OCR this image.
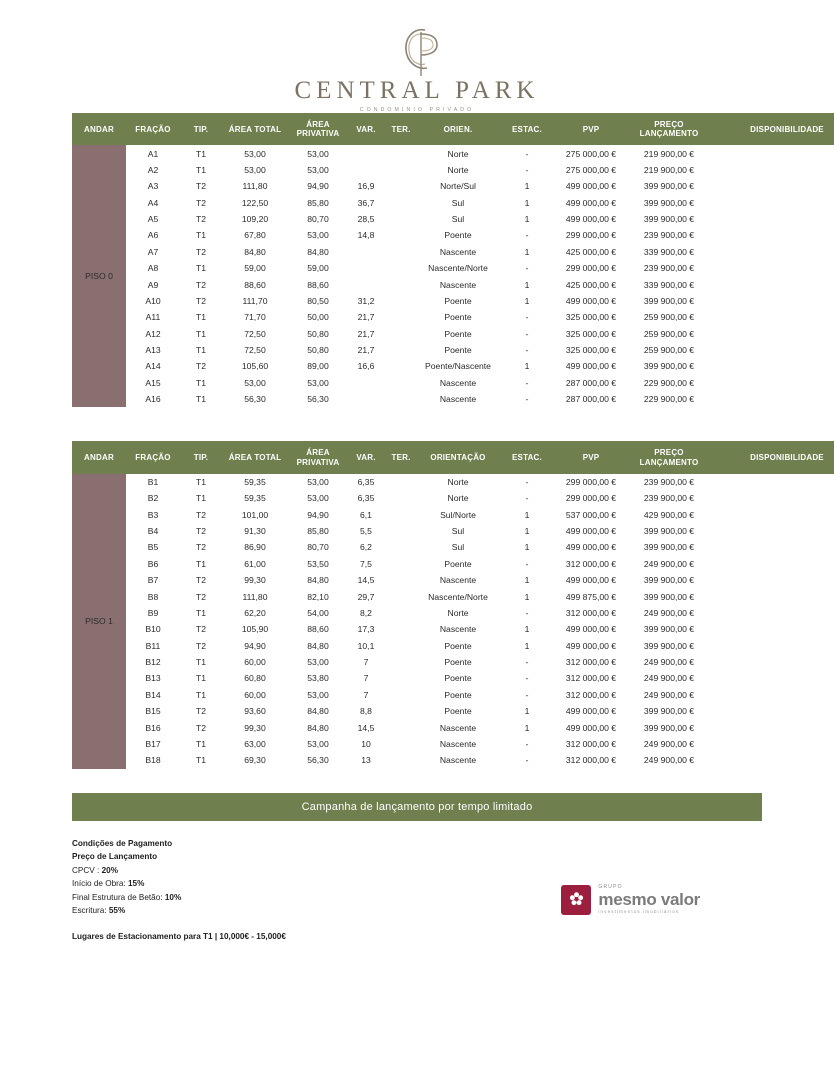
CENTRAL PARK
CONDOMÍNIO PRIVADO
ANDAR	FRAÇÃO	TIP.	ÁREA TOTAL	ÁREA PRIVATIVA	VAR.	TER.	ORIEN.	ESTAC.	PVP	PREÇO LANÇAMENTO	DISPONIBILIDADE
PISO 0	A1	T1	53,00	53,00			Norte	-	275 000,00 €	219 900,00 €	
	A2	T1	53,00	53,00			Norte	-	275 000,00 €	219 900,00 €	
	A3	T2	111,80	94,90	16,9		Norte/Sul	1	499 000,00 €	399 900,00 €	
	A4	T2	122,50	85,80	36,7		Sul	1	499 000,00 €	399 900,00 €	
	A5	T2	109,20	80,70	28,5		Sul	1	499 000,00 €	399 900,00 €	
	A6	T1	67,80	53,00	14,8		Poente	-	299 000,00 €	239 900,00 €	
	A7	T2	84,80	84,80			Nascente	1	425 000,00 €	339 900,00 €	
	A8	T1	59,00	59,00			Nascente/Norte	-	299 000,00 €	239 900,00 €	
	A9	T2	88,60	88,60			Nascente	1	425 000,00 €	339 900,00 €	
	A10	T2	111,70	80,50	31,2		Poente	1	499 000,00 €	399 900,00 €	
	A11	T1	71,70	50,00	21,7		Poente	-	325 000,00 €	259 900,00 €	
	A12	T1	72,50	50,80	21,7		Poente	-	325 000,00 €	259 900,00 €	
	A13	T1	72,50	50,80	21,7		Poente	-	325 000,00 €	259 900,00 €	
	A14	T2	105,60	89,00	16,6		Poente/Nascente	1	499 000,00 €	399 900,00 €	
	A15	T1	53,00	53,00			Nascente	-	287 000,00 €	229 900,00 €	
	A16	T1	56,30	56,30			Nascente	-	287 000,00 €	229 900,00 €	
ANDAR	FRAÇÃO	TIP.	ÁREA TOTAL	ÁREA PRIVATIVA	VAR.	TER.	ORIENTAÇÃO	ESTAC.	PVP	PREÇO LANÇAMENTO	DISPONIBILIDADE
PISO 1	B1	T1	59,35	53,00	6,35		Norte	-	299 000,00 €	239 900,00 €	
	B2	T1	59,35	53,00	6,35		Norte	-	299 000,00 €	239 900,00 €	
	B3	T2	101,00	94,90	6,1		Sul/Norte	1	537 000,00 €	429 900,00 €	
	B4	T2	91,30	85,80	5,5		Sul	1	499 000,00 €	399 900,00 €	
	B5	T2	86,90	80,70	6,2		Sul	1	499 000,00 €	399 900,00 €	
	B6	T1	61,00	53,50	7,5		Poente	-	312 000,00 €	249 900,00 €	
	B7	T2	99,30	84,80	14,5		Nascente	1	499 000,00 €	399 900,00 €	
	B8	T2	111,80	82,10	29,7		Nascente/Norte	1	499 875,00 €	399 900,00 €	
	B9	T1	62,20	54,00	8,2		Norte	-	312 000,00 €	249 900,00 €	
	B10	T2	105,90	88,60	17,3		Nascente	1	499 000,00 €	399 900,00 €	
	B11	T2	94,90	84,80	10,1		Poente	1	499 000,00 €	399 900,00 €	
	B12	T1	60,00	53,00	7		Poente	-	312 000,00 €	249 900,00 €	
	B13	T1	60,80	53,80	7		Poente	-	312 000,00 €	249 900,00 €	
	B14	T1	60,00	53,00	7		Poente	-	312 000,00 €	249 900,00 €	
	B15	T2	93,60	84,80	8,8		Poente	1	499 000,00 €	399 900,00 €	
	B16	T2	99,30	84,80	14,5		Nascente	1	499 000,00 €	399 900,00 €	
	B17	T1	63,00	53,00	10		Nascente	-	312 000,00 €	249 900,00 €	
	B18	T1	69,30	56,30	13		Nascente	-	312 000,00 €	249 900,00 €	
Campanha de lançamento por tempo limitado
Condições de Pagamento
Preço de Lançamento
CPCV : 20%
Início de Obra: 15%
Final Estrutura de Betão: 10%
Escritura: 55%
Lugares de Estacionamento para T1 | 10,000€ - 15,000€
GRUPO
mesmo valor
investimentos imobiliários
